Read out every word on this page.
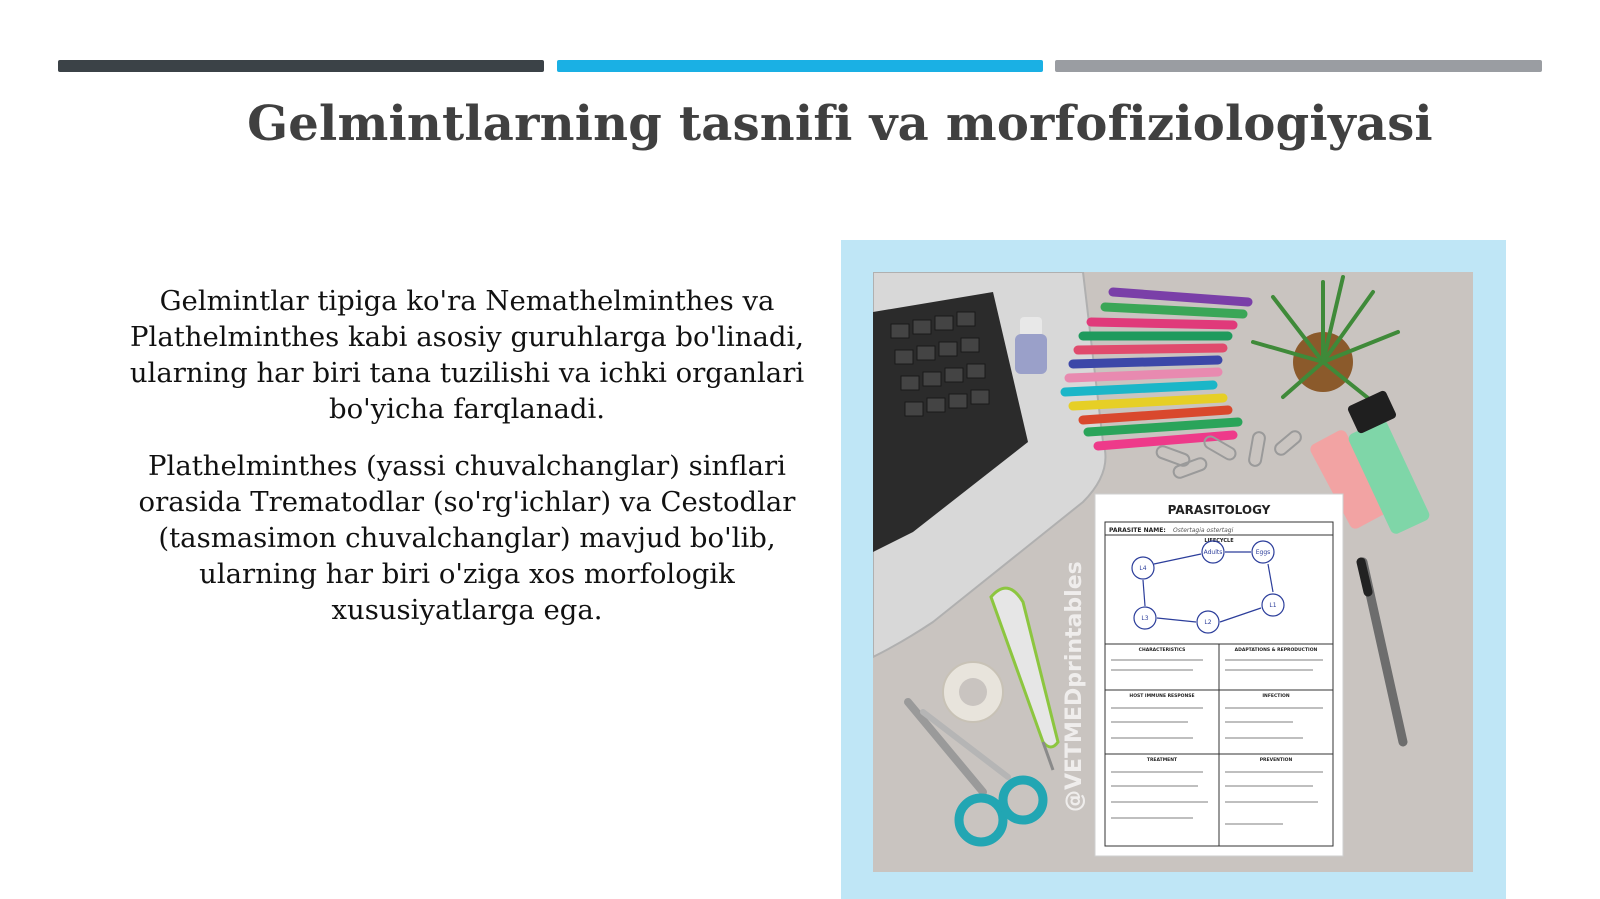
Gelmintlarning tasnifi va morfofiziologiyasi

Gelmintlar tipiga ko'ra Nemathelminthes va Plathelminthes kabi asosiy guruhlarga bo'linadi, ularning har biri tana tuzilishi va ichki organlari bo'yicha farqlanadi.

Plathelminthes (yassi chuvalchanglar) sinflari orasida Trematodlar (so'rg'ichlar) va Cestodlar (tasmasimon chuvalchanglar) mavjud bo'lib, ularning har biri o'ziga xos morfologik xususiyatlarga ega.

PARASITOLOGY
PARASITE NAME: Ostertagia ostertagi
LIFECYCLE
Adults	Eggs
L1
L2
L3
L4
CHARACTERISTICS	ADAPTATIONS & REPRODUCTION
HOST IMMUNE RESPONSE	INFECTION
TREATMENT	PREVENTION
@VETMEDprintables
